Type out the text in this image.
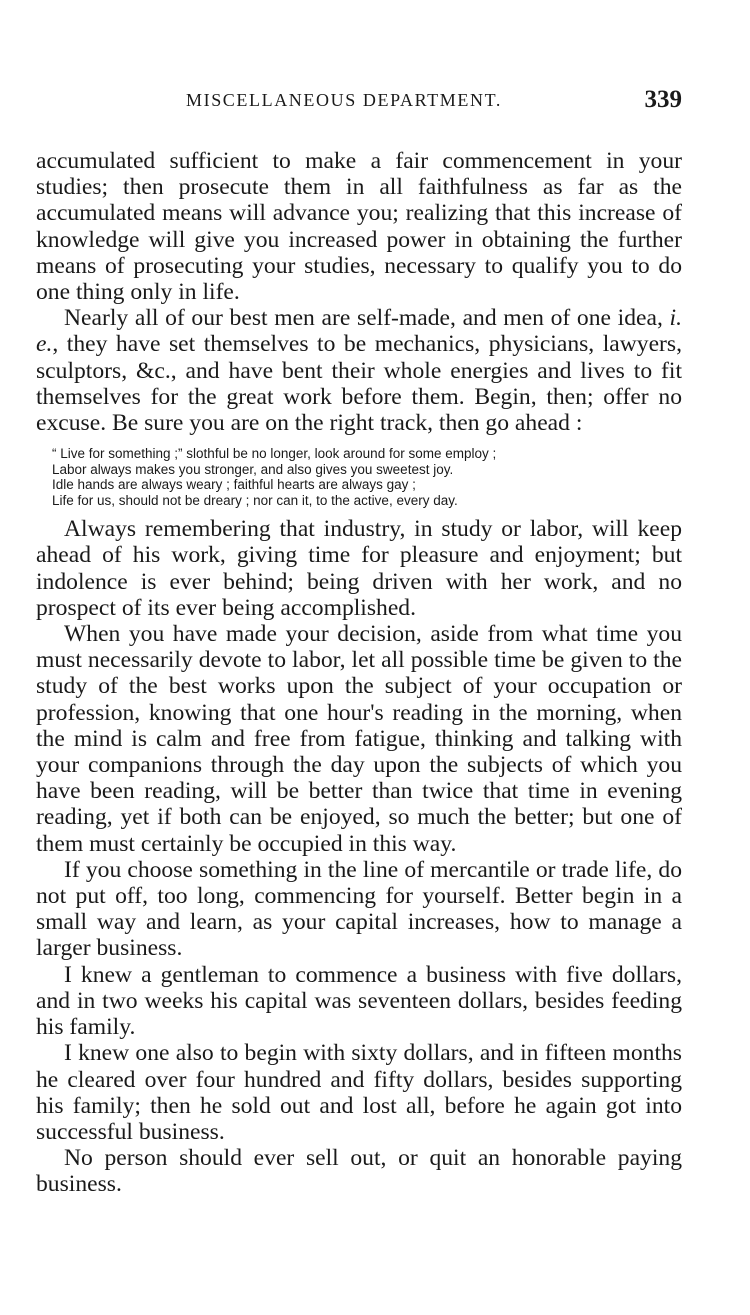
MISCELLANEOUS DEPARTMENT.	339

accumulated sufficient to make a fair commencement in your studies; then prosecute them in all faithfulness as far as the accumulated means will advance you; realizing that this increase of knowledge will give you increased power in obtaining the further means of prosecuting your studies, necessary to qualify you to do one thing only in life.

Nearly all of our best men are self-made, and men of one idea, i. e., they have set themselves to be mechanics, physicians, lawyers, sculptors, &c., and have bent their whole energies and lives to fit themselves for the great work before them. Begin, then; offer no excuse. Be sure you are on the right track, then go ahead :

“ Live for something ;” slothful be no longer, look around for some employ ;
Labor always makes you stronger, and also gives you sweetest joy.
Idle hands are always weary ; faithful hearts are always gay ;
Life for us, should not be dreary ; nor can it, to the active, every day.

Always remembering that industry, in study or labor, will keep ahead of his work, giving time for pleasure and enjoyment; but indolence is ever behind; being driven with her work, and no prospect of its ever being accomplished.

When you have made your decision, aside from what time you must necessarily devote to labor, let all possible time be given to the study of the best works upon the subject of your occupation or profession, knowing that one hour's reading in the morning, when the mind is calm and free from fatigue, thinking and talking with your companions through the day upon the subjects of which you have been reading, will be better than twice that time in evening reading, yet if both can be enjoyed, so much the better; but one of them must certainly be occupied in this way.

If you choose something in the line of mercantile or trade life, do not put off, too long, commencing for yourself. Better begin in a small way and learn, as your capital increases, how to manage a larger business.

I knew a gentleman to commence a business with five dollars, and in two weeks his capital was seventeen dollars, besides feeding his family.

I knew one also to begin with sixty dollars, and in fifteen months he cleared over four hundred and fifty dollars, besides supporting his family; then he sold out and lost all, before he again got into successful business.

No person should ever sell out, or quit an honorable paying business.
